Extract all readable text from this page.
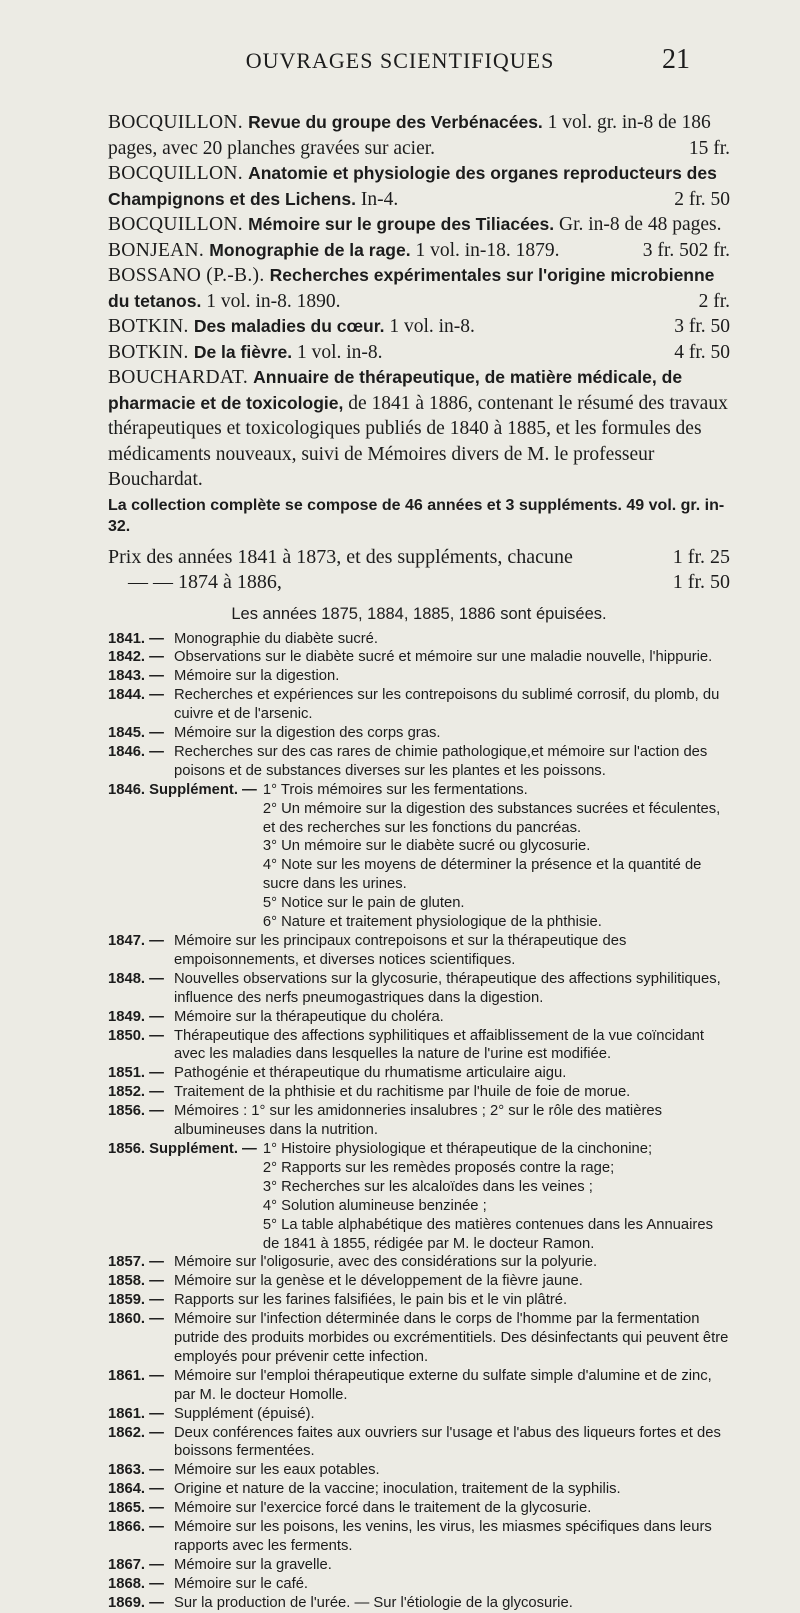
OUVRAGES SCIENTIFIQUES	21

BOCQUILLON. Revue du groupe des Verbénacées. 1 vol. gr. in-8 de 186 pages, avec 20 planches gravées sur acier.	15 fr.

BOCQUILLON. Anatomie et physiologie des organes reproducteurs des Champignons et des Lichens. In-4.	2 fr. 50

BOCQUILLON. Mémoire sur le groupe des Tiliacées. Gr. in-8 de 48 pages.
2 fr.

BONJEAN. Monographie de la rage. 1 vol. in-18. 1879.	3 fr. 50

BOSSANO (P.-B.). Recherches expérimentales sur l'origine microbienne du tetanos. 1 vol. in-8. 1890.	2 fr.

BOTKIN. Des maladies du cœur. 1 vol. in-8.	3 fr. 50

BOTKIN. De la fièvre. 1 vol. in-8.	4 fr. 50

BOUCHARDAT. Annuaire de thérapeutique, de matière médicale, de pharmacie et de toxicologie, de 1841 à 1886, contenant le résumé des travaux thérapeutiques et toxicologiques publiés de 1840 à 1885, et les formules des médicaments nouveaux, suivi de Mémoires divers de M. le professeur Bouchardat.

La collection complète se compose de 46 années et 3 suppléments. 49 vol. gr. in-32.
Prix des années 1841 à 1873, et des suppléments, chacune	1 fr. 25
— — 1874 à 1886,	1 fr. 50
Les années 1875, 1884, 1885, 1886 sont épuisées.
1841. — Monographie du diabète sucré.
1842. — Observations sur le diabète sucré et mémoire sur une maladie nouvelle, l'hippurie.
1843. — Mémoire sur la digestion.
1844. — Recherches et expériences sur les contrepoisons du sublimé corrosif, du plomb, du cuivre et de l'arsenic.
1845. — Mémoire sur la digestion des corps gras.
1846. — Recherches sur des cas rares de chimie pathologique,et mémoire sur l'action des poisons et de substances diverses sur les plantes et les poissons.
1846. Supplément. — 1° Trois mémoires sur les fermentations.
2° Un mémoire sur la digestion des substances sucrées et féculentes, et des recherches sur les fonctions du pancréas.
3° Un mémoire sur le diabète sucré ou glycosurie.
4° Note sur les moyens de déterminer la présence et la quantité de sucre dans les urines.
5° Notice sur le pain de gluten.
6° Nature et traitement physiologique de la phthisie.
1847. — Mémoire sur les principaux contrepoisons et sur la thérapeutique des empoisonnements, et diverses notices scientifiques.
1848. — Nouvelles observations sur la glycosurie, thérapeutique des affections syphilitiques, influence des nerfs pneumogastriques dans la digestion.
1849. — Mémoire sur la thérapeutique du choléra.
1850. — Thérapeutique des affections syphilitiques et affaiblissement de la vue coïncidant avec les maladies dans lesquelles la nature de l'urine est modifiée.
1851. — Pathogénie et thérapeutique du rhumatisme articulaire aigu.
1852. — Traitement de la phthisie et du rachitisme par l'huile de foie de morue.
1856. — Mémoires : 1° sur les amidonneries insalubres ; 2° sur le rôle des matières albumineuses dans la nutrition.
1856. Supplément. — 1° Histoire physiologique et thérapeutique de la cinchonine;
2° Rapports sur les remèdes proposés contre la rage;
3° Recherches sur les alcaloïdes dans les veines ;
4° Solution alumineuse benzinée ;
5° La table alphabétique des matières contenues dans les Annuaires de 1841 à 1855, rédigée par M. le docteur Ramon.
1857. — Mémoire sur l'oligosurie, avec des considérations sur la polyurie.
1858. — Mémoire sur la genèse et le développement de la fièvre jaune.
1859. — Rapports sur les farines falsifiées, le pain bis et le vin plâtré.
1860. — Mémoire sur l'infection déterminée dans le corps de l'homme par la fermentation putride des produits morbides ou excrémentitiels. Des désinfectants qui peuvent être employés pour prévenir cette infection.
1861. — Mémoire sur l'emploi thérapeutique externe du sulfate simple d'alumine et de zinc, par M. le docteur Homolle.
1861. — Supplément (épuisé).
1862. — Deux conférences faites aux ouvriers sur l'usage et l'abus des liqueurs fortes et des boissons fermentées.
1863. — Mémoire sur les eaux potables.
1864. — Origine et nature de la vaccine; inoculation, traitement de la syphilis.
1865. — Mémoire sur l'exercice forcé dans le traitement de la glycosurie.
1866. — Mémoire sur les poisons, les venins, les virus, les miasmes spécifiques dans leurs rapports avec les ferments.
1867. — Mémoire sur la gravelle.
1868. — Mémoire sur le café.
1869. — Sur la production de l'urée. — Sur l'étiologie de la glycosurie.
